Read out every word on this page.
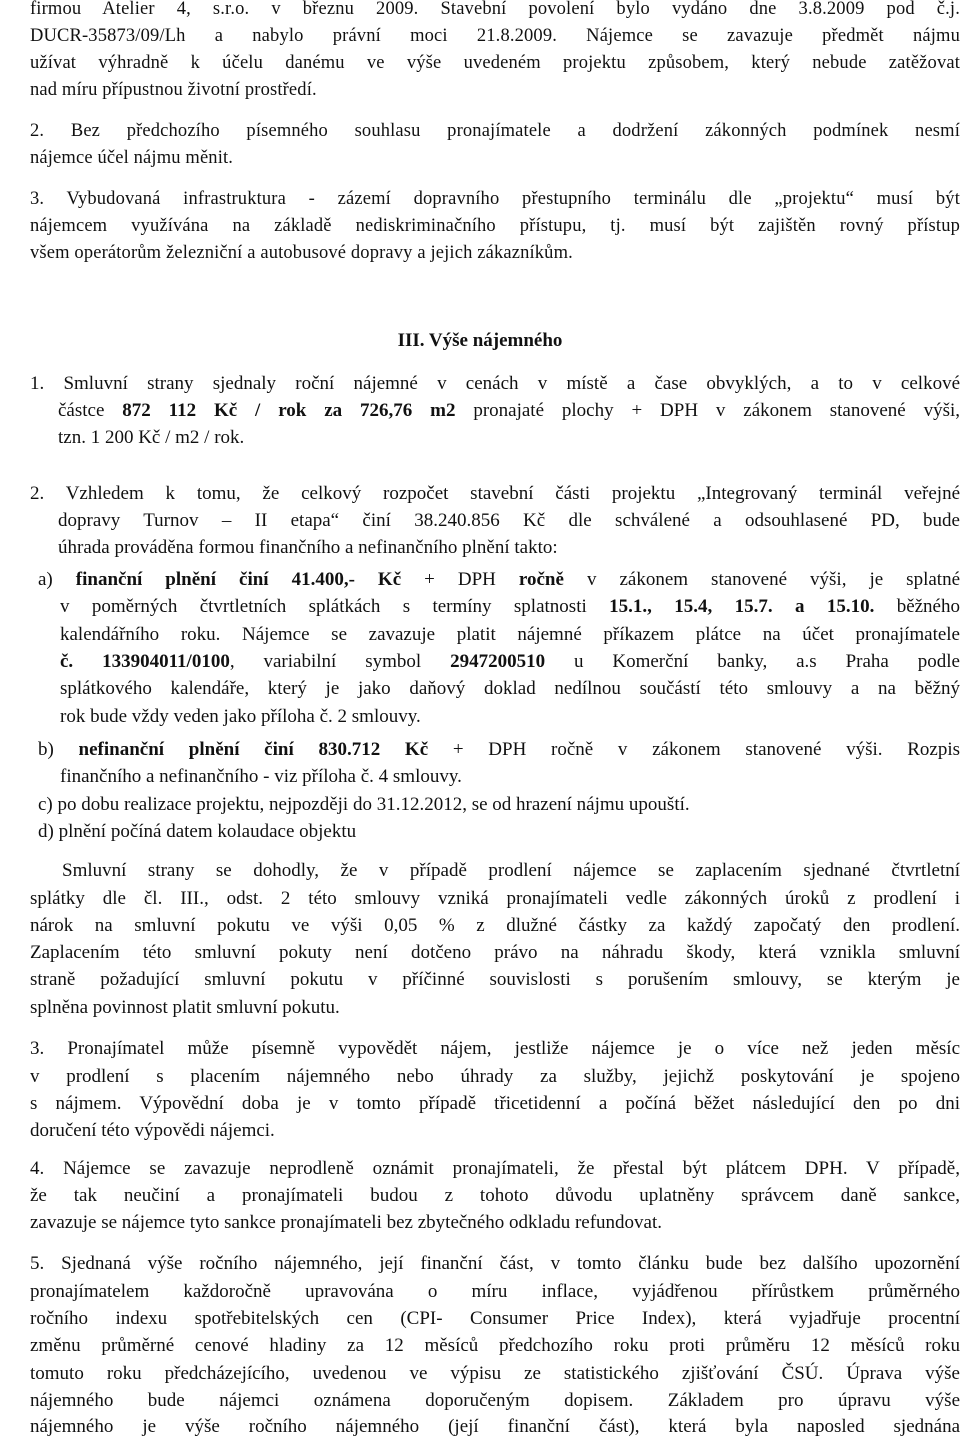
firmou Atelier 4, s.r.o. v březnu 2009. Stavební povolení bylo vydáno dne 3.8.2009 pod č.j.
DUCR-35873/09/Lh a nabylo právní moci 21.8.2009. Nájemce se zavazuje předmět nájmu
užívat výhradně k účelu danému ve výše uvedeném projektu způsobem, který nebude zatěžovat
nad míru přípustnou životní prostředí.
2. Bez předchozího písemného souhlasu pronajímatele a dodržení zákonných podmínek nesmí
nájemce účel nájmu měnit.
3. Vybudovaná infrastruktura - zázemí dopravního přestupního terminálu dle „projektu“ musí být
nájemcem využívána na základě nediskriminačního přístupu, tj. musí být zajištěn rovný přístup
všem operátorům železniční a autobusové dopravy a jejich zákazníkům.
III. Výše nájemného
1. Smluvní strany sjednaly roční nájemné v cenách v místě a čase obvyklých, a to v celkové
částce 872 112 Kč / rok za 726,76 m2 pronajaté plochy + DPH v zákonem stanovené výši,
tzn. 1 200 Kč / m2 / rok.
2. Vzhledem k tomu, že celkový rozpočet stavební části projektu „Integrovaný terminál veřejné
dopravy Turnov – II etapa“ činí 38.240.856 Kč dle schválené a odsouhlasené PD, bude
úhrada prováděna formou finančního a nefinančního plnění takto:
a) finanční plnění činí 41.400,- Kč + DPH ročně v zákonem stanovené výši, je splatné
v poměrných čtvrtletních splátkách s termíny splatnosti 15.1., 15.4, 15.7. a 15.10. běžného
kalendářního roku. Nájemce se zavazuje platit nájemné příkazem plátce na účet pronajímatele
č. 133904011/0100, variabilní symbol 2947200510 u Komerční banky, a.s Praha podle
splátkového kalendáře, který je jako daňový doklad nedílnou součástí této smlouvy a na běžný
rok bude vždy veden jako příloha č. 2 smlouvy.
b) nefinanční plnění činí 830.712 Kč + DPH ročně v zákonem stanovené výši. Rozpis
finančního a nefinančního - viz příloha č. 4 smlouvy.
c) po dobu realizace projektu, nejpozději do 31.12.2012, se od hrazení nájmu upouští.
d) plnění počíná datem kolaudace objektu
Smluvní strany se dohodly, že v případě prodlení nájemce se zaplacením sjednané čtvrtletní
splátky dle čl. III., odst. 2 této smlouvy vzniká pronajímateli vedle zákonných úroků z prodlení i
nárok na smluvní pokutu ve výši 0,05 % z dlužné částky za každý započatý den prodlení.
Zaplacením této smluvní pokuty není dotčeno právo na náhradu škody, která vznikla smluvní
straně požadující smluvní pokutu v příčinné souvislosti s porušením smlouvy, se kterým je
splněna povinnost platit smluvní pokutu.
3. Pronajímatel může písemně vypovědět nájem, jestliže nájemce je o více než jeden měsíc
v prodlení s placením nájemného nebo úhrady za služby, jejichž poskytování je spojeno
s nájmem. Výpovědní doba je v tomto případě třicetidenní a počíná běžet následující den po dni
doručení této výpovědi nájemci.
4. Nájemce se zavazuje neprodleně oznámit pronajímateli, že přestal být plátcem DPH. V případě,
že tak neučiní a pronajímateli budou z tohoto důvodu uplatněny správcem daně sankce,
zavazuje se nájemce tyto sankce pronajímateli bez zbytečného odkladu refundovat.
5. Sjednaná výše ročního nájemného, její finanční část, v tomto článku bude bez dalšího upozornění
pronajímatelem každoročně upravována o míru inflace, vyjádřenou přírůstkem průměrného
ročního indexu spotřebitelských cen (CPI- Consumer Price Index), která vyjadřuje procentní
změnu průměrné cenové hladiny za 12 měsíců předchozího roku proti průměru 12 měsíců roku
tomuto roku předcházejícího, uvedenou ve výpisu ze statistického zjišťování ČSÚ. Úprava výše
nájemného bude nájemci oznámena doporučeným dopisem. Základem pro úpravu výše
nájemného je výše ročního nájemného (její finanční část), která byla naposled sjednána
